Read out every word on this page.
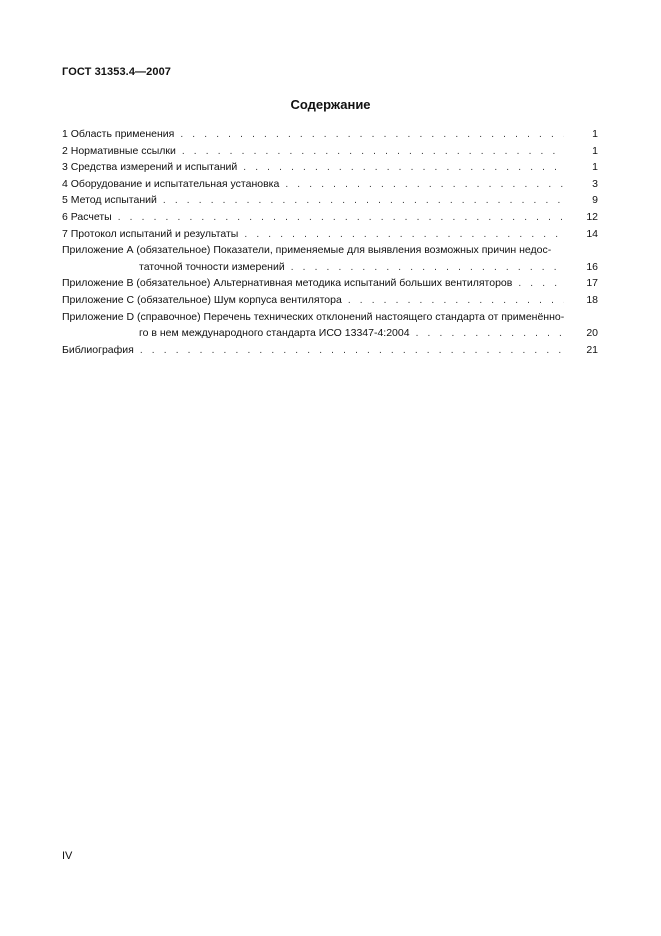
ГОСТ 31353.4—2007
Содержание
1 Область применения . . .	1
2 Нормативные ссылки . . .	1
3 Средства измерений и испытаний . . .	1
4 Оборудование и испытательная установка . . .	3
5 Метод испытаний . . .	9
6 Расчеты . . .	12
7 Протокол испытаний и результаты . . .	14
Приложение А (обязательное) Показатели, применяемые для выявления возможных причин недос-
таточной точности измерений . . .	16
Приложение В (обязательное) Альтернативная методика испытаний больших вентиляторов . . .	17
Приложение С (обязательное) Шум корпуса вентилятора . . .	18
Приложение D (справочное) Перечень технических отклонений настоящего стандарта от применённо-
го в нем международного стандарта ИСО 13347-4:2004 . . .	20
Библиография . . .	21
IV
